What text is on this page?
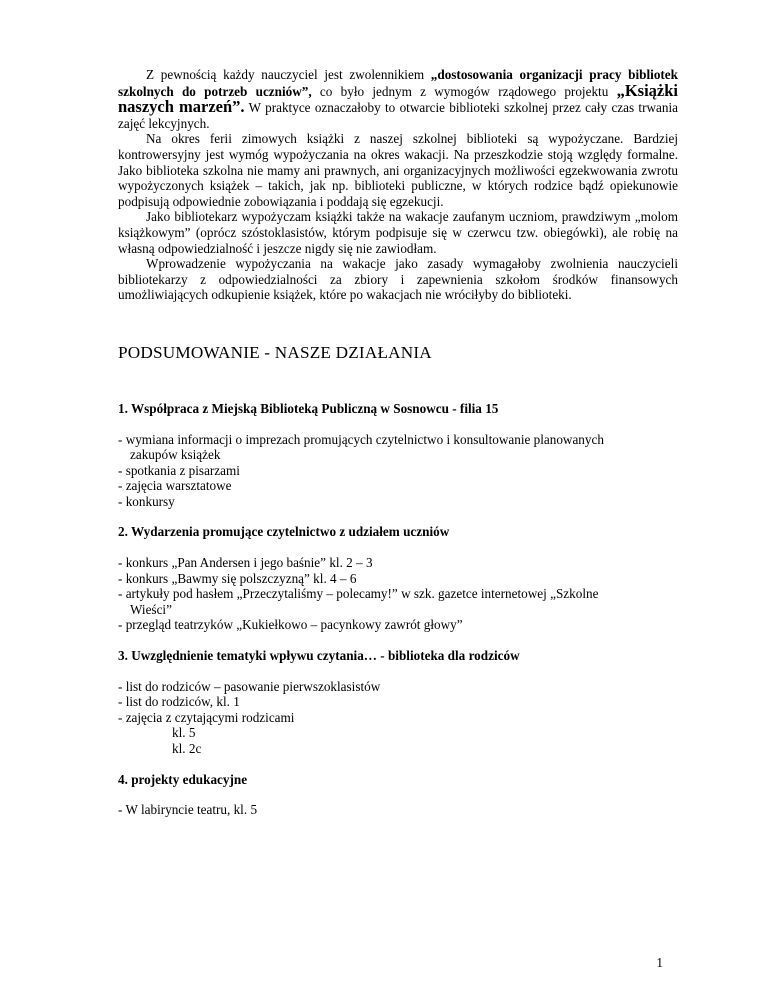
Z pewnością każdy nauczyciel jest zwolennikiem „dostosowania organizacji pracy bibliotek szkolnych do potrzeb uczniów”, co było jednym z wymogów rządowego projektu „Książki naszych marzeń”. W praktyce oznaczałoby to otwarcie biblioteki szkolnej przez cały czas trwania zajęć lekcyjnych.

Na okres ferii zimowych książki z naszej szkolnej biblioteki są wypożyczane. Bardziej kontrowersyjny jest wymóg wypożyczania na okres wakacji. Na przeszkodzie stoją względy formalne. Jako biblioteka szkolna nie mamy ani prawnych, ani organizacyjnych możliwości egzekwowania zwrotu wypożyczonych książek – takich, jak np. biblioteki publiczne, w których rodzice bądź opiekunowie podpisują odpowiednie zobowiązania i poddają się egzekucji.

Jako bibliotekarz wypożyczam książki także na wakacje zaufanym uczniom, prawdziwym „molom książkowym” (oprócz szóstoklasistów, którym podpisuje się w czerwcu tzw. obiegówki), ale robię na własną odpowiedzialność i jeszcze nigdy się nie zawiodłam.

Wprowadzenie wypożyczania na wakacje jako zasady wymagałoby zwolnienia nauczycieli bibliotekarzy z odpowiedzialności za zbiory i zapewnienia szkołom środków finansowych umożliwiających odkupienie książek, które po wakacjach nie wróciłyby do biblioteki.

PODSUMOWANIE - NASZE DZIAŁANIA
1. Współpraca z Miejską Biblioteką Publiczną w Sosnowcu - filia 15
- wymiana informacji o imprezach promujących czytelnictwo i konsultowanie planowanych
zakupów książek
- spotkania z pisarzami
- zajęcia warsztatowe
- konkursy
2. Wydarzenia promujące czytelnictwo z udziałem uczniów
- konkurs „Pan Andersen i jego baśnie” kl. 2 – 3
- konkurs „Bawmy się polszczyzną” kl. 4 – 6
- artykuły pod hasłem „Przeczytaliśmy – polecamy!” w szk. gazetce internetowej „Szkolne
Wieści”
- przegląd teatrzyków „Kukiełkowo – pacynkowy zawrót głowy”
3. Uwzględnienie tematyki wpływu czytania… - biblioteka dla rodziców
- list do rodziców – pasowanie pierwszoklasistów
- list do rodziców, kl. 1
- zajęcia z czytającymi rodzicami
kl. 5
kl. 2c
4. projekty edukacyjne
- W labiryncie teatru, kl. 5
1
